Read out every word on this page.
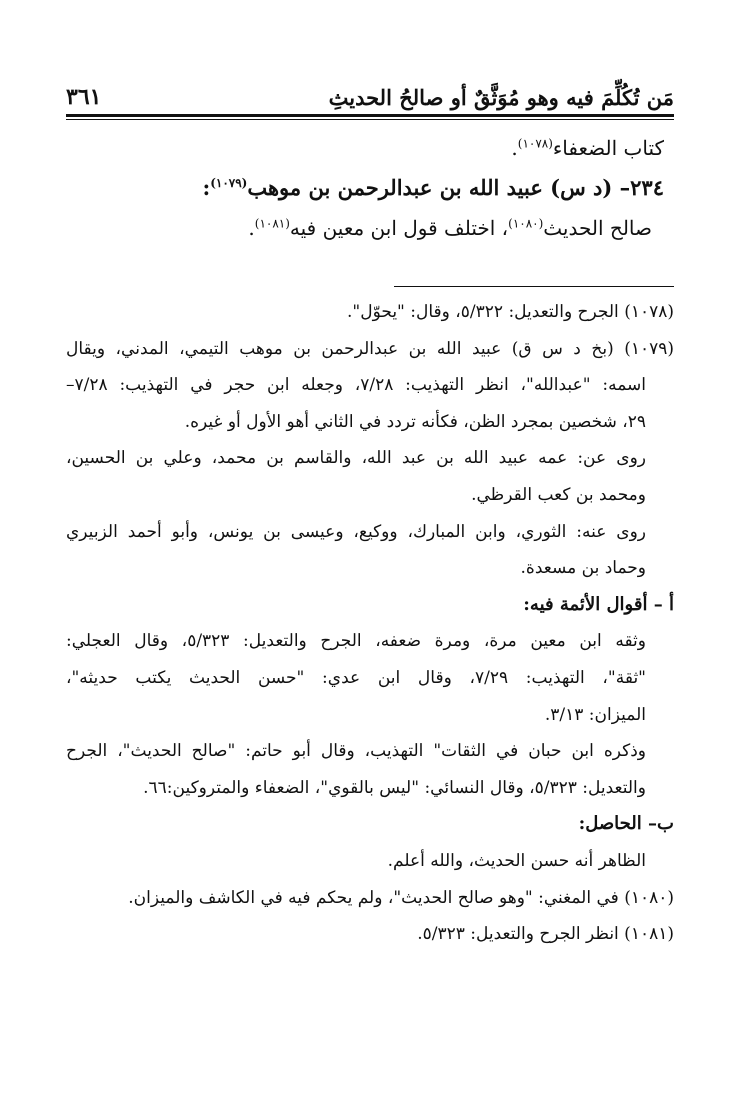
مَن تُكُلِّمَ فيه وهو مُوَثَّقٌ أو صالحُ الحديثِ
٣٦١
كتاب الضعفاء$^{(١٠٧٨)}$.
٢٣٤– (د س) عبيد الله بن عبدالرحمن بن موهب$^{(١٠٧٩)}$:
صالح الحديث$^{(١٠٨٠)}$، اختلف قول ابن معين فيه$^{(١٠٨١)}$.
(١٠٧٨) الجرح والتعديل: ٥/٣٢٢، وقال: "يحوّل".
(١٠٧٩) (بخ د س ق) عبيد الله بن عبدالرحمن بن موهب التيمي، المدني، ويقال
اسمه: "عبدالله"، انظر التهذيب: ٧/٢٨، وجعله ابن حجر في التهذيب: ٧/٢٨–
٢٩، شخصين بمجرد الظن، فكأنه تردد في الثاني أهو الأول أو غيره.
روى عن: عمه عبيد الله بن عبد الله، والقاسم بن محمد، وعلي بن الحسين،
ومحمد بن كعب القرظي.
روى عنه: الثوري، وابن المبارك، ووكيع، وعيسى بن يونس، وأبو أحمد الزبيري
وحماد بن مسعدة.
أ – أقوال الأئمة فيه:
وثقه ابن معين مرة، ومرة ضعفه، الجرح والتعديل: ٥/٣٢٣، وقال العجلي:
"ثقة"، التهذيب: ٧/٢٩، وقال ابن عدي: "حسن الحديث يكتب حديثه"،
الميزان: ٣/١٣.
وذكره ابن حبان في الثقات" التهذيب، وقال أبو حاتم: "صالح الحديث"، الجرح
والتعديل: ٥/٣٢٣، وقال النسائي: "ليس بالقوي"، الضعفاء والمتروكين:٦٦.
ب– الحاصل:
الظاهر أنه حسن الحديث، والله أعلم.
(١٠٨٠) في المغني: "وهو صالح الحديث"، ولم يحكم فيه في الكاشف والميزان.
(١٠٨١) انظر الجرح والتعديل: ٥/٣٢٣.
